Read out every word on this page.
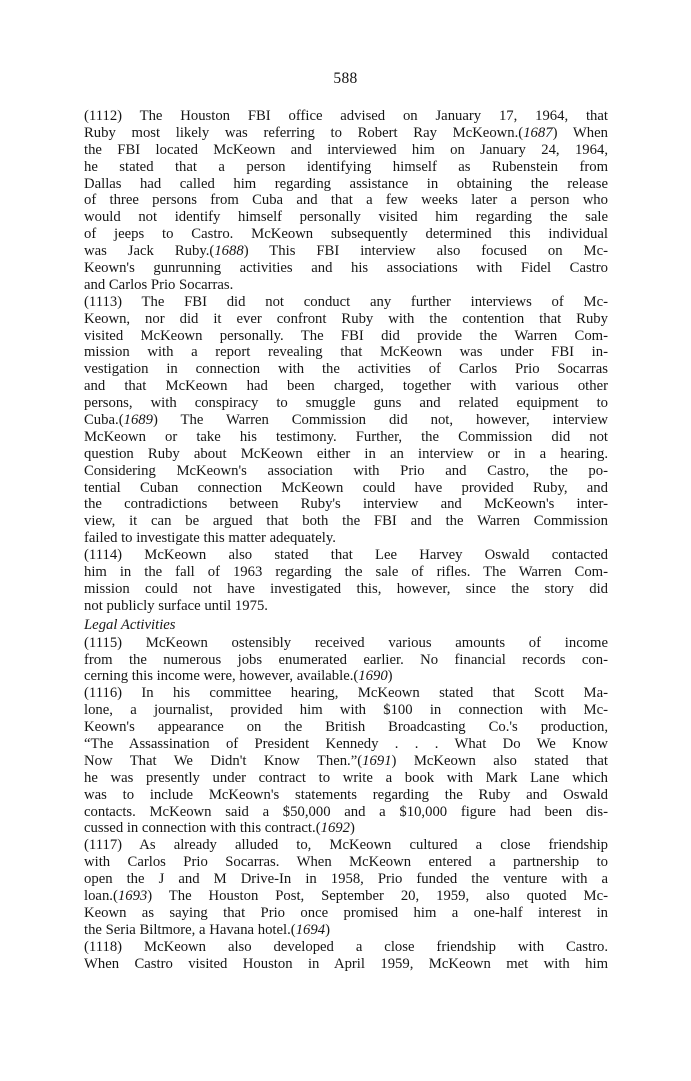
588
(1112) The Houston FBI office advised on January 17, 1964, that
Ruby most likely was referring to Robert Ray McKeown.(1687) When
the FBI located McKeown and interviewed him on January 24, 1964,
he stated that a person identifying himself as Rubenstein from
Dallas had called him regarding assistance in obtaining the release
of three persons from Cuba and that a few weeks later a person who
would not identify himself personally visited him regarding the sale
of jeeps to Castro. McKeown subsequently determined this individual
was Jack Ruby.(1688) This FBI interview also focused on Mc-
Keown's gunrunning activities and his associations with Fidel Castro
and Carlos Prio Socarras.
(1113) The FBI did not conduct any further interviews of Mc-
Keown, nor did it ever confront Ruby with the contention that Ruby
visited McKeown personally. The FBI did provide the Warren Com-
mission with a report revealing that McKeown was under FBI in-
vestigation in connection with the activities of Carlos Prio Socarras
and that McKeown had been charged, together with various other
persons, with conspiracy to smuggle guns and related equipment to
Cuba.(1689) The Warren Commission did not, however, interview
McKeown or take his testimony. Further, the Commission did not
question Ruby about McKeown either in an interview or in a hearing.
Considering McKeown's association with Prio and Castro, the po-
tential Cuban connection McKeown could have provided Ruby, and
the contradictions between Ruby's interview and McKeown's inter-
view, it can be argued that both the FBI and the Warren Commission
failed to investigate this matter adequately.
(1114) McKeown also stated that Lee Harvey Oswald contacted
him in the fall of 1963 regarding the sale of rifles. The Warren Com-
mission could not have investigated this, however, since the story did
not publicly surface until 1975.
Legal Activities
(1115) McKeown ostensibly received various amounts of income
from the numerous jobs enumerated earlier. No financial records con-
cerning this income were, however, available.(1690)
(1116) In his committee hearing, McKeown stated that Scott Ma-
lone, a journalist, provided him with $100 in connection with Mc-
Keown's appearance on the British Broadcasting Co.'s production,
“The Assassination of President Kennedy . . . What Do We Know
Now That We Didn't Know Then.”(1691) McKeown also stated that
he was presently under contract to write a book with Mark Lane which
was to include McKeown's statements regarding the Ruby and Oswald
contacts. McKeown said a $50,000 and a $10,000 figure had been dis-
cussed in connection with this contract.(1692)
(1117) As already alluded to, McKeown cultured a close friendship
with Carlos Prio Socarras. When McKeown entered a partnership to
open the J and M Drive-In in 1958, Prio funded the venture with a
loan.(1693) The Houston Post, September 20, 1959, also quoted Mc-
Keown as saying that Prio once promised him a one-half interest in
the Seria Biltmore, a Havana hotel.(1694)
(1118) McKeown also developed a close friendship with Castro.
When Castro visited Houston in April 1959, McKeown met with him
